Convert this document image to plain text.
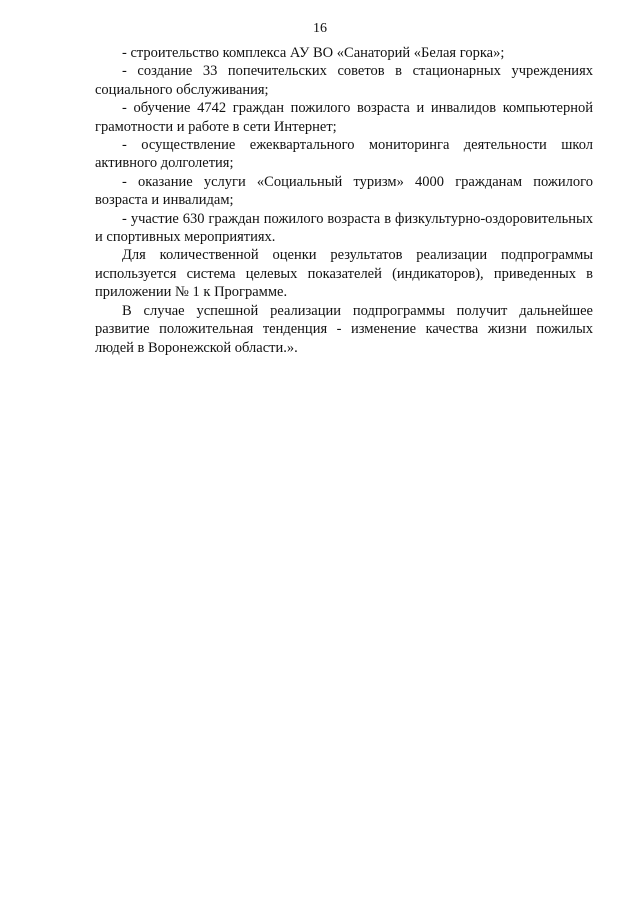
16

- строительство комплекса АУ ВО «Санаторий «Белая горка»;

- создание 33 попечительских советов в стационарных учреждениях социального обслуживания;

- обучение 4742 граждан пожилого возраста и инвалидов компьютерной грамотности и работе в сети Интернет;

- осуществление ежеквартального мониторинга деятельности школ активного долголетия;

- оказание услуги «Социальный туризм» 4000 гражданам пожилого возраста и инвалидам;

- участие 630 граждан пожилого возраста в физкультурно-оздоровительных и спортивных мероприятиях.

Для количественной оценки результатов реализации подпрограммы используется система целевых показателей (индикаторов), приведенных в приложении № 1 к Программе.

В случае успешной реализации подпрограммы получит дальнейшее развитие положительная тенденция - изменение качества жизни пожилых людей в Воронежской области.».
